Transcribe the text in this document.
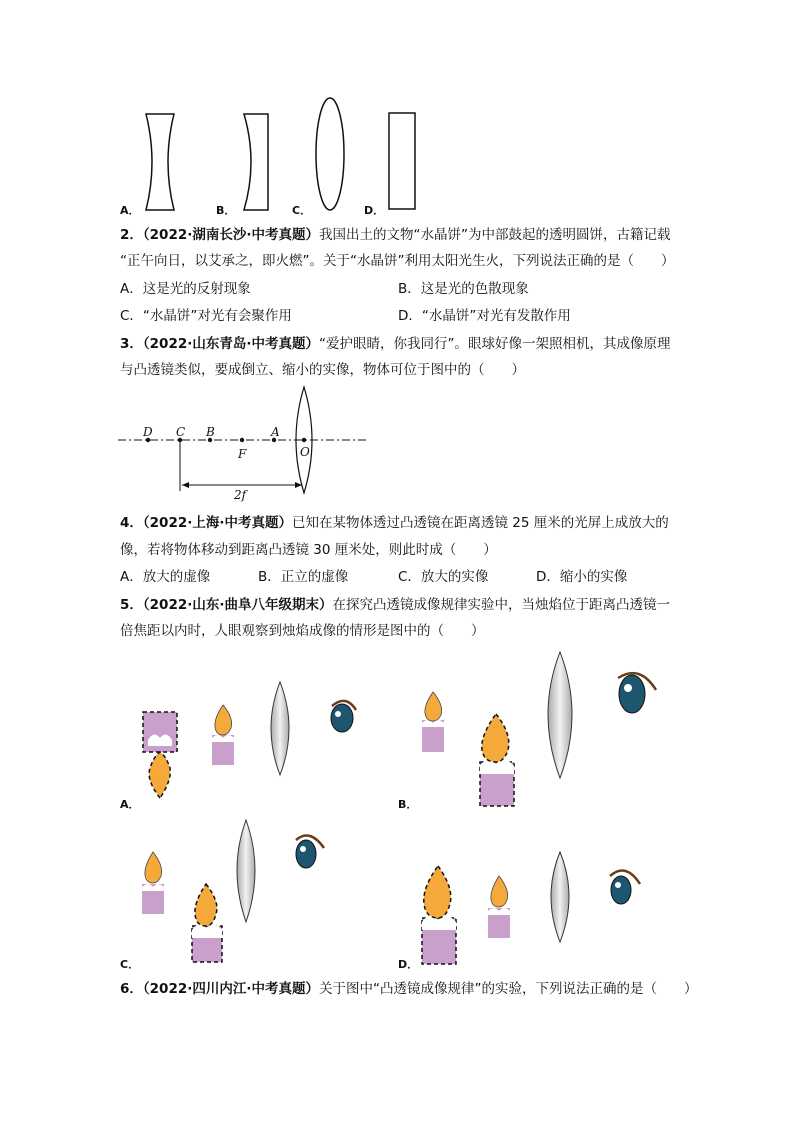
A．	B．	C．	D．
2．（2022·湖南长沙·中考真题）我国出土的文物“水晶饼”为中部鼓起的透明圆饼，古籍记载
“正午向日，以艾承之，即火燃”。关于“水晶饼”利用太阳光生火，下列说法正确的是（　　）
A．这是光的反射现象	B．这是光的色散现象
C．“水晶饼”对光有会聚作用	D．“水晶饼”对光有发散作用
3．（2022·山东青岛·中考真题）“爱护眼睛，你我同行”。眼球好像一架照相机，其成像原理
与凸透镜类似，要成倒立、缩小的实像，物体可位于图中的（　　）
D C B
F
A
O
2f
4．（2022·上海·中考真题）已知在某物体透过凸透镜在距离透镜 25 厘米的光屏上成放大的
像，若将物体移动到距离凸透镜 30 厘米处，则此时成（　　）
A．放大的虚像	B．正立的虚像	C．放大的实像	D．缩小的实像
5．（2022·山东·曲阜八年级期末）在探究凸透镜成像规律实验中，当烛焰位于距离凸透镜一
倍焦距以内时，人眼观察到烛焰成像的情形是图中的（　　）
A．	B．
C．	D．
6．（2022·四川内江·中考真题）关于图中“凸透镜成像规律”的实验，下列说法正确的是（　　）
